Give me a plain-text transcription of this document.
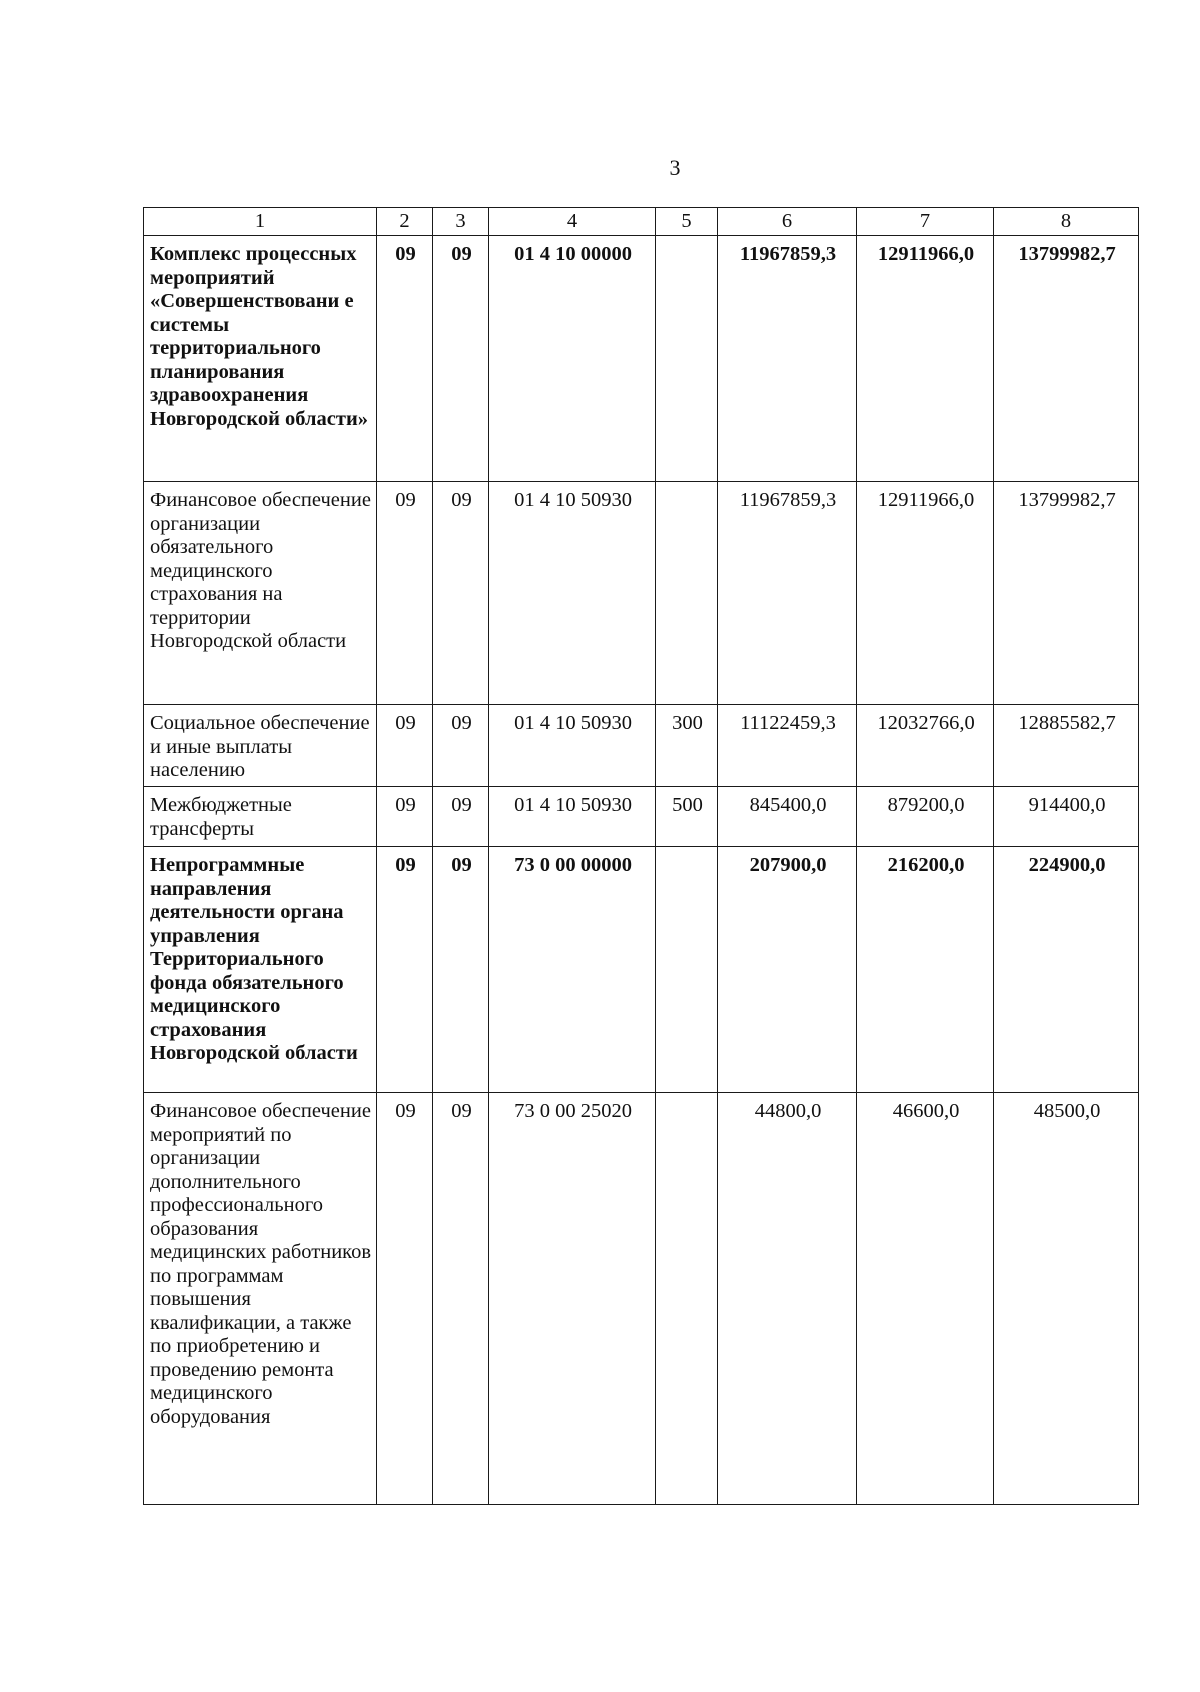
3
1	2	3	4	5	6	7	8
Комплекс процессных мероприятий «Совершенствовани е системы территориального планирования здравоохранения Новгородской области»	09	09	01 4 10 00000		11967859,3	12911966,0	13799982,7
Финансовое обеспечение организации обязательного медицинского страхования на территории Новгородской области	09	09	01 4 10 50930		11967859,3	12911966,0	13799982,7
Социальное обеспечение и иные выплаты населению	09	09	01 4 10 50930	300	11122459,3	12032766,0	12885582,7
Межбюджетные трансферты	09	09	01 4 10 50930	500	845400,0	879200,0	914400,0
Непрограммные направления деятельности органа управления Территориального фонда обязательного медицинского страхования Новгородской области	09	09	73 0 00 00000		207900,0	216200,0	224900,0
Финансовое обеспечение мероприятий по организации дополнительного профессионального образования медицинских работников по программам повышения квалификации, а также по приобретению и проведению ремонта медицинского оборудования	09	09	73 0 00 25020		44800,0	46600,0	48500,0
